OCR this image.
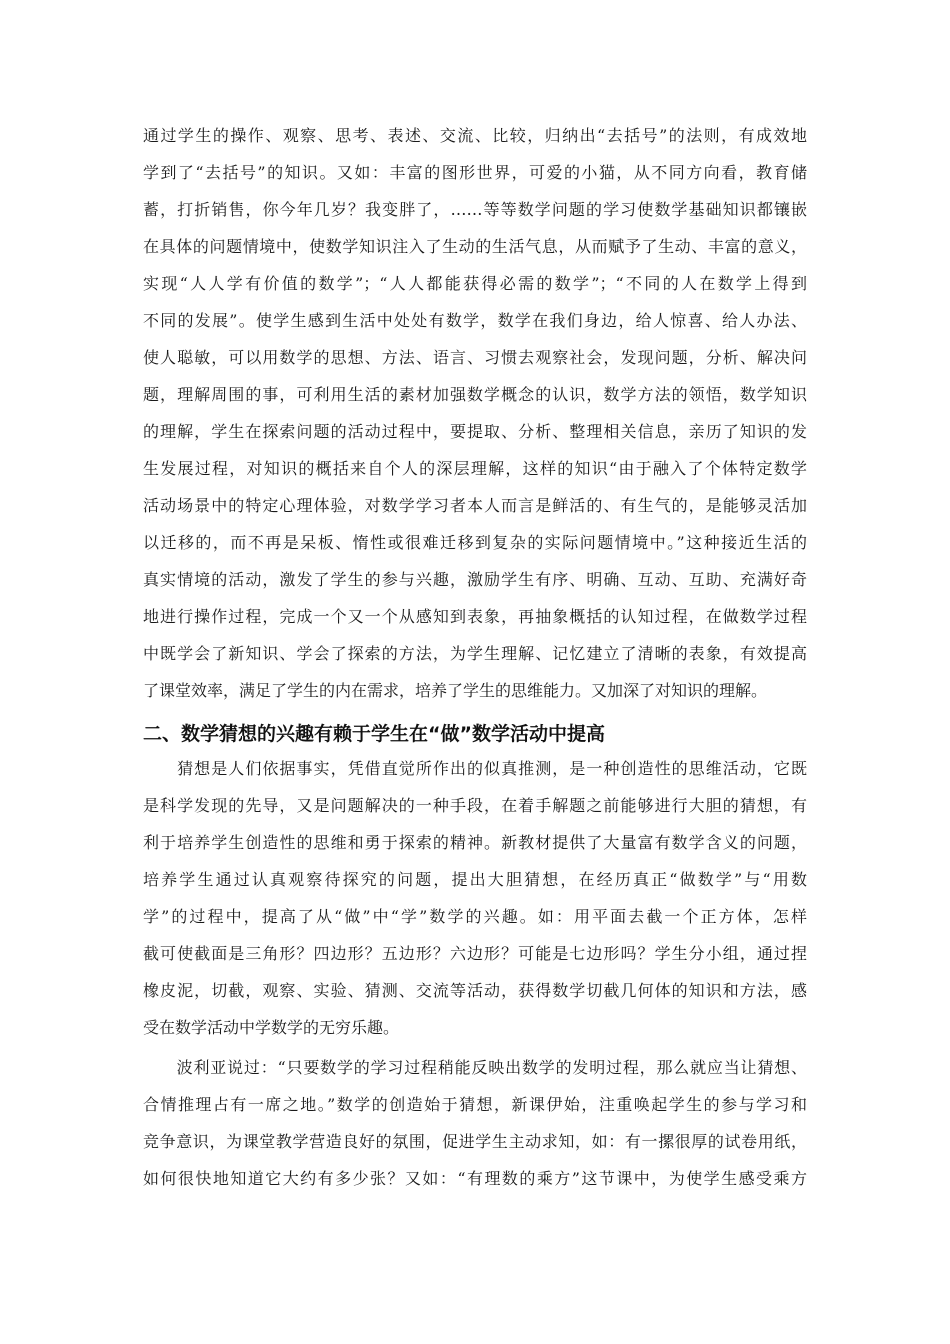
通过学生的操作、观察、思考、表述、交流、比较，归纳出“去括号”的法则，有成效地
学到了“去括号”的知识。又如：丰富的图形世界，可爱的小猫，从不同方向看，教育储
蓄，打折销售，你今年几岁？我变胖了，……等等数学问题的学习使数学基础知识都镶嵌
在具体的问题情境中，使数学知识注入了生动的生活气息，从而赋予了生动、丰富的意义，
实现“人人学有价值的数学”；“人人都能获得必需的数学”；“不同的人在数学上得到
不同的发展”。使学生感到生活中处处有数学，数学在我们身边，给人惊喜、给人办法、
使人聪敏，可以用数学的思想、方法、语言、习惯去观察社会，发现问题，分析、解决问
题，理解周围的事，可利用生活的素材加强数学概念的认识，数学方法的领悟，数学知识
的理解，学生在探索问题的活动过程中，要提取、分析、整理相关信息，亲历了知识的发
生发展过程，对知识的概括来自个人的深层理解，这样的知识“由于融入了个体特定数学
活动场景中的特定心理体验，对数学学习者本人而言是鲜活的、有生气的，是能够灵活加
以迁移的，而不再是呆板、惰性或很难迁移到复杂的实际问题情境中。”这种接近生活的
真实情境的活动，激发了学生的参与兴趣，激励学生有序、明确、互动、互助、充满好奇
地进行操作过程，完成一个又一个从感知到表象，再抽象概括的认知过程，在做数学过程
中既学会了新知识、学会了探索的方法，为学生理解、记忆建立了清晰的表象，有效提高
了课堂效率，满足了学生的内在需求，培养了学生的思维能力。又加深了对知识的理解。
二、数学猜想的兴趣有赖于学生在“做”数学活动中提高
　　猜想是人们依据事实，凭借直觉所作出的似真推测，是一种创造性的思维活动，它既
是科学发现的先导，又是问题解决的一种手段，在着手解题之前能够进行大胆的猜想，有
利于培养学生创造性的思维和勇于探索的精神。新教材提供了大量富有数学含义的问题，
培养学生通过认真观察待探究的问题，提出大胆猜想，在经历真正“做数学”与“用数
学”的过程中，提高了从“做”中“学”数学的兴趣。如：用平面去截一个正方体，怎样
截可使截面是三角形？四边形？五边形？六边形？可能是七边形吗？学生分小组，通过捏
橡皮泥，切截，观察、实验、猜测、交流等活动，获得数学切截几何体的知识和方法，感
受在数学活动中学数学的无穷乐趣。
　　波利亚说过：“只要数学的学习过程稍能反映出数学的发明过程，那么就应当让猜想、
合情推理占有一席之地。”数学的创造始于猜想，新课伊始，注重唤起学生的参与学习和
竞争意识，为课堂教学营造良好的氛围，促进学生主动求知，如：有一摞很厚的试卷用纸，
如何很快地知道它大约有多少张？又如：“有理数的乘方”这节课中，为使学生感受乘方
